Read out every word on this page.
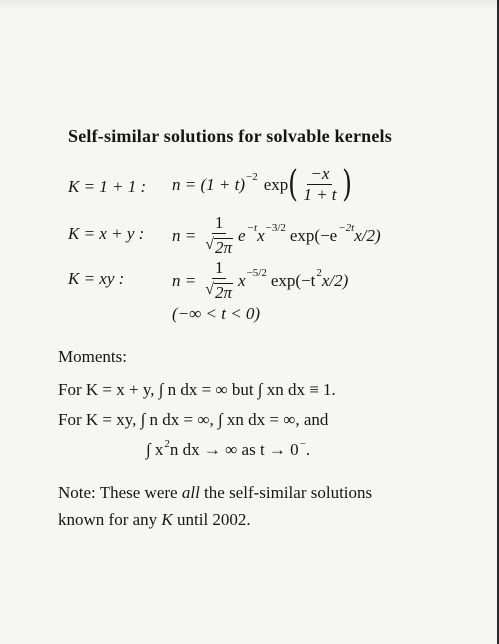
Self-similar solutions for solvable kernels
K = 1 + 1 : n = (1 + t) −2 exp ( $\frac{-x}{1 + t}$ )
K = x + y : $n = \frac{1}{√ 2\pi}$ e −t x −3/2 exp(−e −2t x/2)
K = xy :	$n = \frac{1}{√ 2\pi}$ x −5/2 exp(−t 2 x/2)
(−∞ < t < 0)
Moments:
For K = x + y, ∫ n dx = ∞ but ∫ xn dx ≡ 1.
For K = xy, ∫ n dx = ∞, ∫ xn dx = ∞, and
∫ $x^2n$ dx → ∞ as t → 0−.
Note: These were all the self-similar solutions
known for any K until 2002.
